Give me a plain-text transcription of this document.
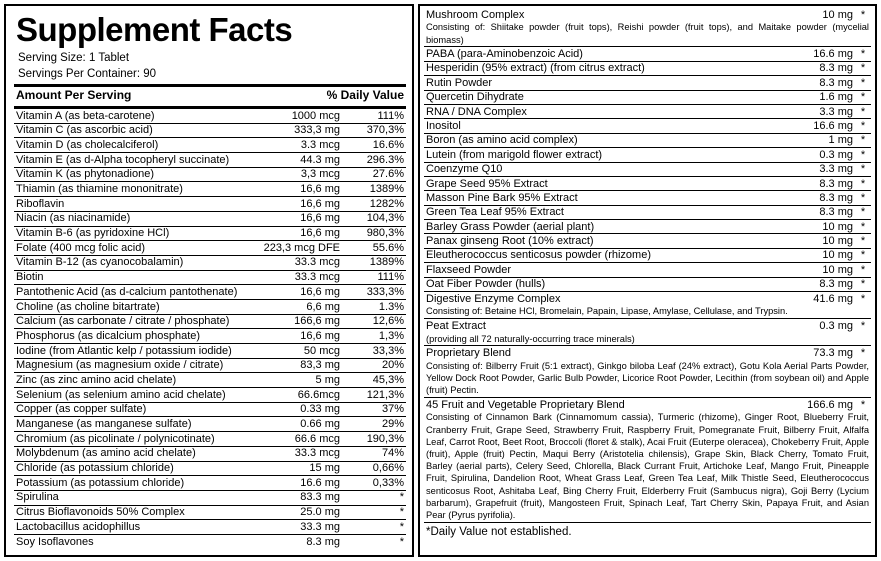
Supplement Facts
Serving Size: 1 Tablet
Servings Per Container: 90
Amount Per Serving	% Daily Value
Vitamin A (as beta-carotene)	1000 mcg	111%
Vitamin C (as ascorbic acid)	333,3 mg	370,3%
Vitamin D (as cholecalciferol)	3.3 mcg	16.6%
Vitamin E (as d-Alpha tocopheryl succinate)	44.3 mg	296.3%
Vitamin K (as phytonadione)	3,3 mcg	27.6%
Thiamin (as thiamine mononitrate)	16,6 mg	1389%
Riboflavin	16,6 mg	1282%
Niacin (as niacinamide)	16,6 mg	104,3%
Vitamin B-6 (as pyridoxine HCl)	16,6 mg	980,3%
Folate (400 mcg folic acid)	223,3 mcg DFE	55.6%
Vitamin B-12 (as cyanocobalamin)	33.3 mcg	1389%
Biotin	33.3 mcg	111%
Pantothenic Acid (as d-calcium pantothenate)	16,6 mg	333,3%
Choline (as choline bitartrate)	6,6 mg	1.3%
Calcium (as carbonate / citrate / phosphate)	166,6 mg	12,6%
Phosphorus (as dicalcium phosphate)	16,6 mg	1,3%
Iodine (from Atlantic kelp / potassium iodide)	50 mcg	33,3%
Magnesium (as magnesium oxide / citrate)	83,3 mg	20%
Zinc (as zinc amino acid chelate)	5 mg	45,3%
Selenium (as selenium amino acid chelate)	66.6mcg	121,3%
Copper (as copper sulfate)	0.33 mg	37%
Manganese (as manganese sulfate)	0.66 mg	29%
Chromium (as picolinate / polynicotinate)	66.6 mcg	190,3%
Molybdenum (as amino acid chelate)	33.3 mcg	74%
Chloride (as potassium chloride)	15 mg	0,66%
Potassium (as potassium chloride)	16.6 mg	0,33%
Spirulina	83.3 mg	*
Citrus Bioflavonoids 50% Complex	25.0 mg	*
Lactobacillus acidophillus	33.3 mg	*
Soy Isoflavones	8.3 mg	*
Mushroom Complex	10 mg	*
Consisting of: Shiitake powder (fruit tops), Reishi powder (fruit tops), and Maitake powder (mycelial biomass)		
PABA (para-Aminobenzoic Acid)	16.6 mg	*
Hesperidin (95% extract) (from citrus extract)	8.3 mg	*
Rutin Powder	8.3 mg	*
Quercetin Dihydrate	1.6 mg	*
RNA / DNA Complex	3.3 mg	*
Inositol	16.6 mg	*
Boron (as amino acid complex)	1 mg	*
Lutein (from marigold flower extract)	0.3 mg	*
Coenzyme Q10	3.3 mg	*
Grape Seed 95% Extract	8.3 mg	*
Masson Pine Bark 95% Extract	8.3 mg	*
Green Tea Leaf 95% Extract	8.3 mg	*
Barley Grass Powder (aerial plant)	10 mg	*
Panax ginseng Root (10% extract)	10 mg	*
Eleutherococcus senticosus powder (rhizome)	10 mg	*
Flaxseed Powder	10 mg	*
Oat Fiber Powder (hulls)	8.3 mg	*
Digestive Enzyme Complex	41.6 mg	*
Consisting of: Betaine HCl, Bromelain, Papain, Lipase, Amylase, Cellulase, and Trypsin.		
Peat Extract	0.3 mg	*
(providing all 72 naturally-occurring trace minerals)		
Proprietary Blend	73.3 mg	*
Consisting of: Bilberry Fruit (5:1 extract), Ginkgo biloba Leaf (24% extract), Gotu Kola Aerial Parts Powder, Yellow Dock Root Powder, Garlic Bulb Powder, Licorice Root Powder, Lecithin (from soybean oil) and Apple (fruit) Pectin.		
45 Fruit and Vegetable Proprietary Blend	166.6 mg	*
Consisting of Cinnamon Bark (Cinnamomum cassia), Turmeric (rhizome), Ginger Root, Blueberry Fruit, Cranberry Fruit, Grape Seed, Strawberry Fruit, Raspberry Fruit, Pomegranate Fruit, Bilberry Fruit, Alfalfa Leaf, Carrot Root, Beet Root, Broccoli (floret & stalk), Acai Fruit (Euterpe oleracea), Chokeberry Fruit, Apple (fruit), Apple (fruit) Pectin, Maqui Berry (Aristotelia chilensis), Grape Skin, Black Cherry, Tomato Fruit, Barley (aerial parts), Celery Seed, Chlorella, Black Currant Fruit, Artichoke Leaf, Mango Fruit, Pineapple Fruit, Spirulina, Dandelion Root, Wheat Grass Leaf, Green Tea Leaf, Milk Thistle Seed, Eleutherococcus senticosus Root, Ashitaba Leaf, Bing Cherry Fruit, Elderberry Fruit (Sambucus nigra), Goji Berry (Lycium barbarum), Grapefruit (fruit), Mangosteen Fruit, Spinach Leaf, Tart Cherry Skin, Papaya Fruit, and Asian Pear (Pyrus pyrifolia).		
*Daily Value not established.
